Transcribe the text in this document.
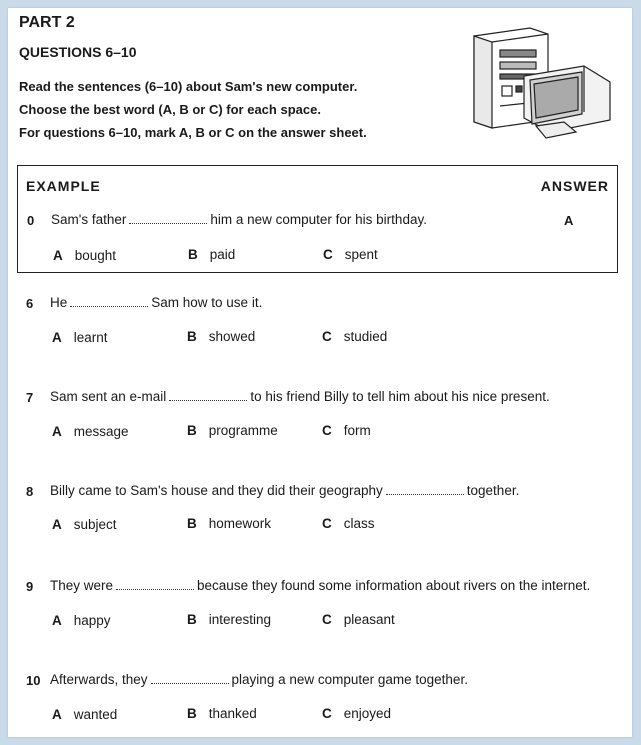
PART 2
QUESTIONS 6–10
Read the sentences (6–10) about Sam's new computer.
Choose the best word (A, B or C) for each space.
For questions 6–10, mark A, B or C on the answer sheet.
EXAMPLE	ANSWER
0 Sam's father	him a new computer for his birthday.	A
A bought	B paid	C spent
6 He	Sam how to use it.
A learnt	B showed	C studied
7 Sam sent an e-mail	to his friend Billy to tell him about his nice present.
A message	B programme	C form
8 Billy came to Sam's house and they did their geography	together.
A subject	B homework	C class
9 They were	because they found some information about rivers on the internet.
A happy	B interesting	C pleasant
10 Afterwards, they	playing a new computer game together.
A wanted	B thanked	C enjoyed
